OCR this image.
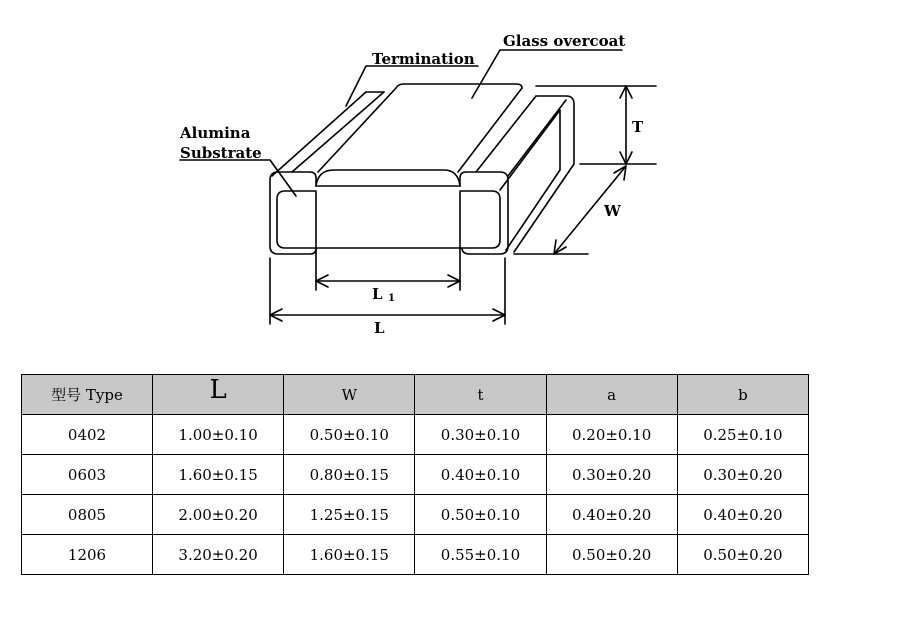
Termination
Glass overcoat
Alumina
Substrate
T
W
L 1
L
型号 Type	L	W	t	a	b
0402	1.00±0.10	0.50±0.10	0.30±0.10	0.20±0.10	0.25±0.10
0603	1.60±0.15	0.80±0.15	0.40±0.10	0.30±0.20	0.30±0.20
0805	2.00±0.20	1.25±0.15	0.50±0.10	0.40±0.20	0.40±0.20
1206	3.20±0.20	1.60±0.15	0.55±0.10	0.50±0.20	0.50±0.20
